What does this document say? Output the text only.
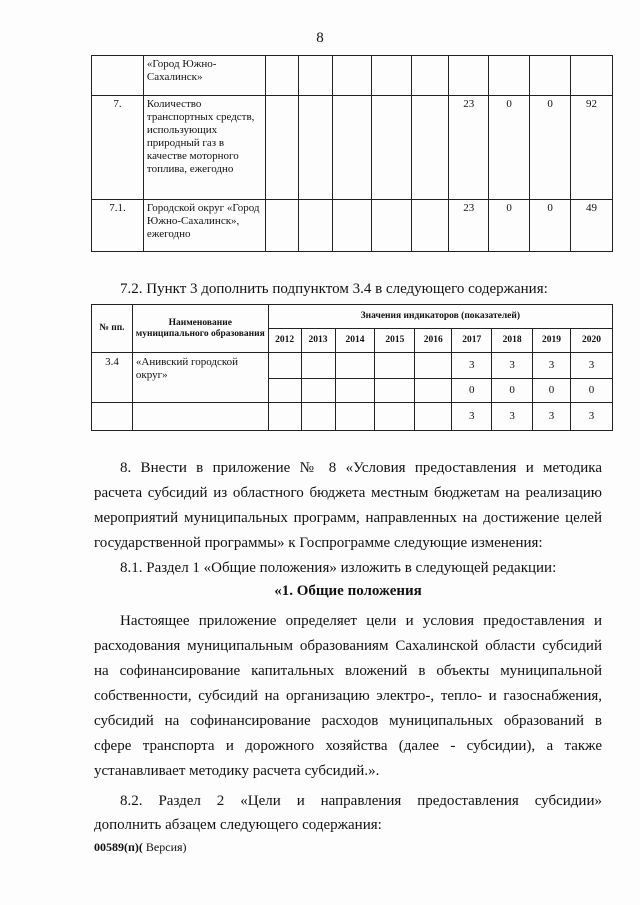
8
	«Город Южно-Сахалинск»									
7.	Количество транспортных средств, использующих природный газ в качестве моторного топлива, ежегодно						23	0	0	92
7.1.	Городской округ «Город Южно-Сахалинск», ежегодно						23	0	0	49
7.2. Пункт 3 дополнить подпунктом 3.4 в следующего содержания:
№ пп.	Наименование муниципального образования	Значения индикаторов (показателей)								
		2012	2013	2014	2015	2016	2017	2018	2019	2020
3.4	«Анивский городской округ»						3	3	3	3
							0	0	0	0
							3	3	3	3
8. Внести в приложение № 8 «Условия предоставления и методика
расчета субсидий из областного бюджета местным бюджетам на реализацию
мероприятий муниципальных программ, направленных на достижение целей
государственной программы» к Госпрограмме следующие изменения:
8.1. Раздел 1 «Общие положения» изложить в следующей редакции:
«1. Общие положения
Настоящее приложение определяет цели и условия предоставления и
расходования муниципальным образованиям Сахалинской области субсидий
на софинансирование капитальных вложений в объекты муниципальной
собственности, субсидий на организацию электро-, тепло- и газоснабжения,
субсидий на софинансирование расходов муниципальных образований в
сфере транспорта и дорожного хозяйства (далее - субсидии), а также
устанавливает методику расчета субсидий.».
8.2. Раздел 2 «Цели и направления предоставления субсидии»
дополнить абзацем следующего содержания:
00589(п)( Версия)
